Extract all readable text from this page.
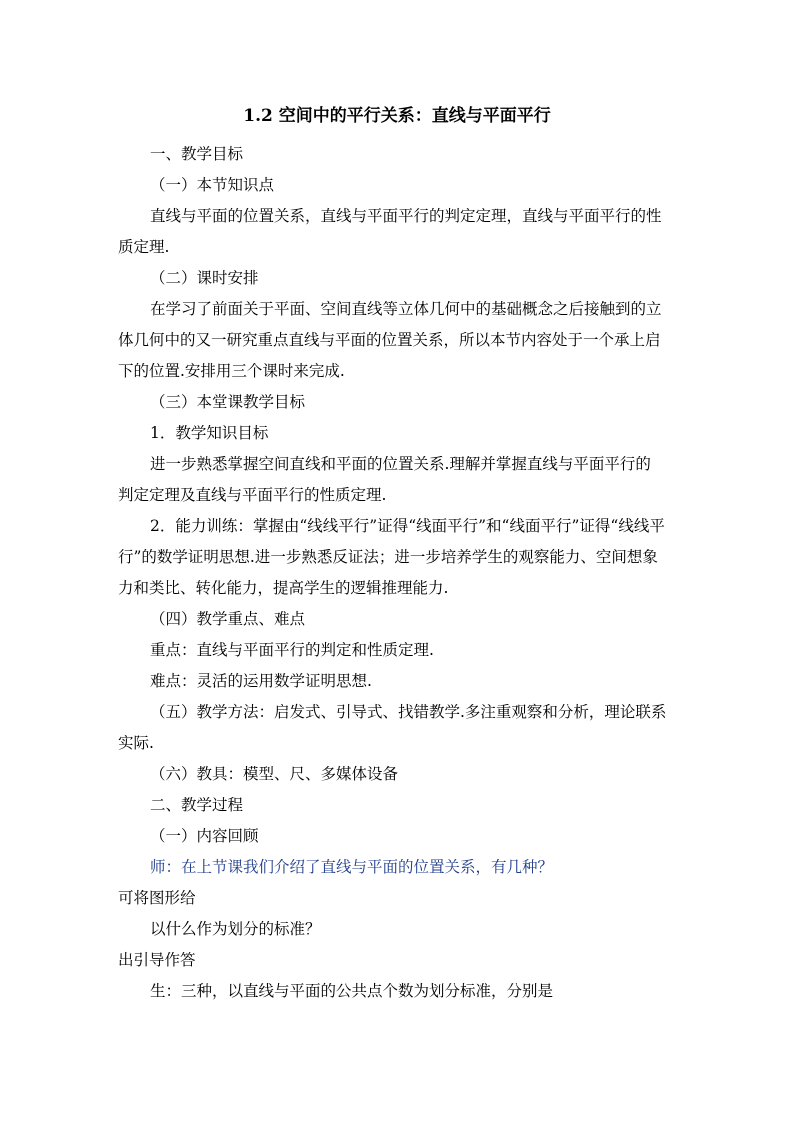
1.2 空间中的平行关系：直线与平面平行
一、教学目标
（一）本节知识点
直线与平面的位置关系，直线与平面平行的判定定理，直线与平面平行的性
质定理.
（二）课时安排
在学习了前面关于平面、空间直线等立体几何中的基础概念之后接触到的立
体几何中的又一研究重点直线与平面的位置关系，所以本节内容处于一个承上启
下的位置.安排用三个课时来完成.
（三）本堂课教学目标
1．教学知识目标
进一步熟悉掌握空间直线和平面的位置关系.理解并掌握直线与平面平行的
判定定理及直线与平面平行的性质定理.
2．能力训练：掌握由“线线平行”证得“线面平行”和“线面平行”证得“线线平
行”的数学证明思想.进一步熟悉反证法；进一步培养学生的观察能力、空间想象
力和类比、转化能力，提高学生的逻辑推理能力.
（四）教学重点、难点
重点：直线与平面平行的判定和性质定理.
难点：灵活的运用数学证明思想.
（五）教学方法：启发式、引导式、找错教学.多注重观察和分析，理论联系
实际.
（六）教具：模型、尺、多媒体设备
二、教学过程
（一）内容回顾
师：在上节课我们介绍了直线与平面的位置关系，有几种？
可将图形给
以什么作为划分的标准？
出引导作答
生：三种，以直线与平面的公共点个数为划分标准，分别是
